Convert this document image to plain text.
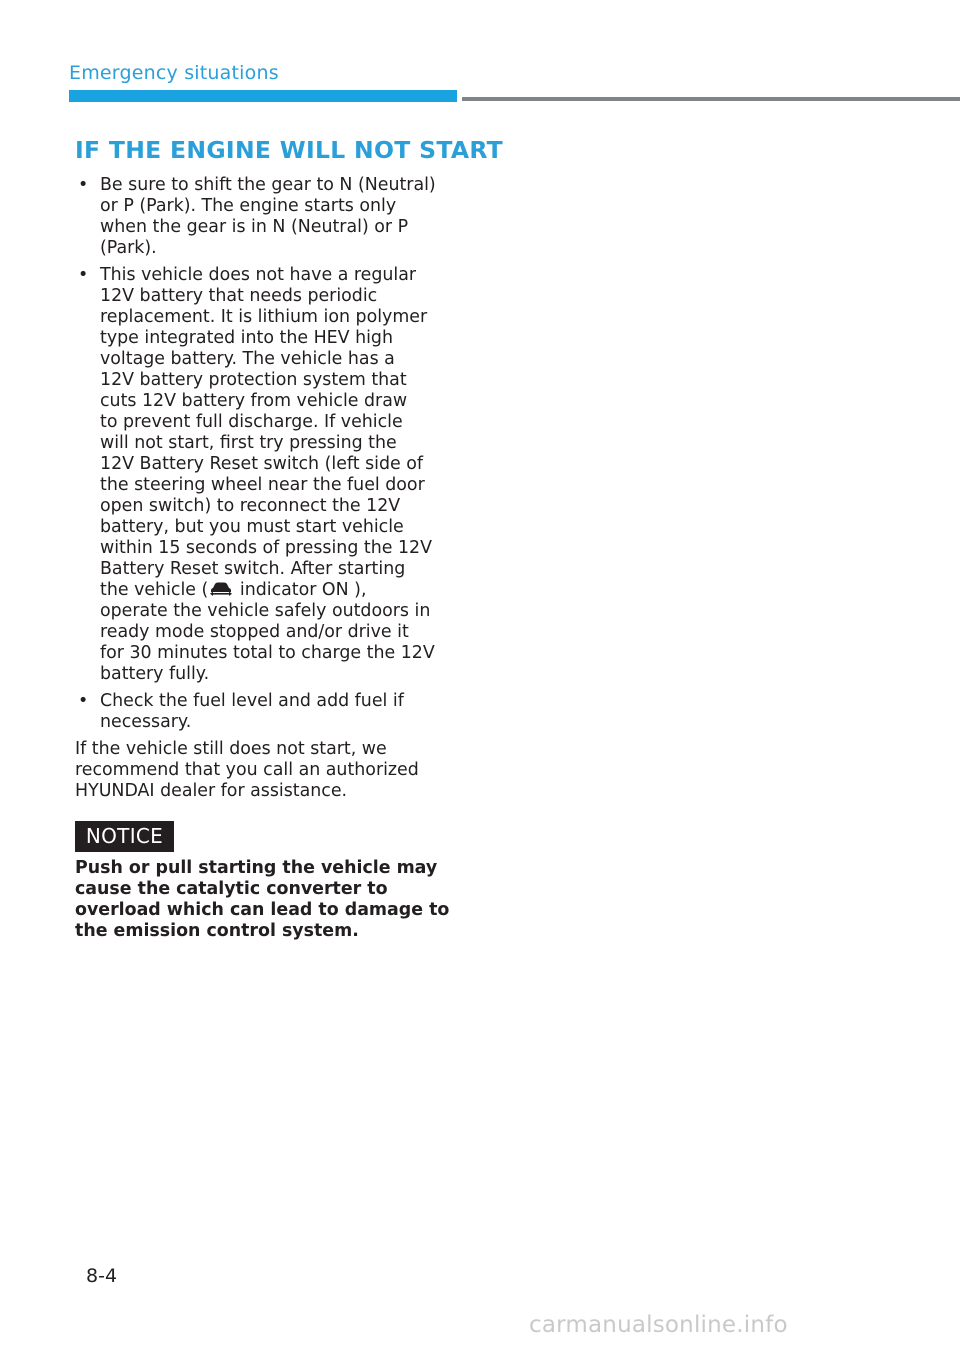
Emergency situations
IF THE ENGINE WILL NOT START
• Be sure to shift the gear to N (Neutral)
or P (Park). The engine starts only
when the gear is in N (Neutral) or P
(Park).
• This vehicle does not have a regular
12V battery that needs periodic
replacement. It is lithium ion polymer
type integrated into the HEV high
voltage battery. The vehicle has a
12V battery protection system that
cuts 12V battery from vehicle draw
to prevent full discharge. If vehicle
will not start, first try pressing the
12V Battery Reset switch (left side of
the steering wheel near the fuel door
open switch) to reconnect the 12V
battery, but you must start vehicle
within 15 seconds of pressing the 12V
Battery Reset switch. After starting
the vehicle ( indicator ON ),
operate the vehicle safely outdoors in
ready mode stopped and/or drive it
for 30 minutes total to charge the 12V
battery fully.
• Check the fuel level and add fuel if
necessary.

If the vehicle still does not start, we
recommend that you call an authorized
HYUNDAI dealer for assistance.

NOTICE
Push or pull starting the vehicle may
cause the catalytic converter to
overload which can lead to damage to
the emission control system.
8-4
carmanualsonline.info
